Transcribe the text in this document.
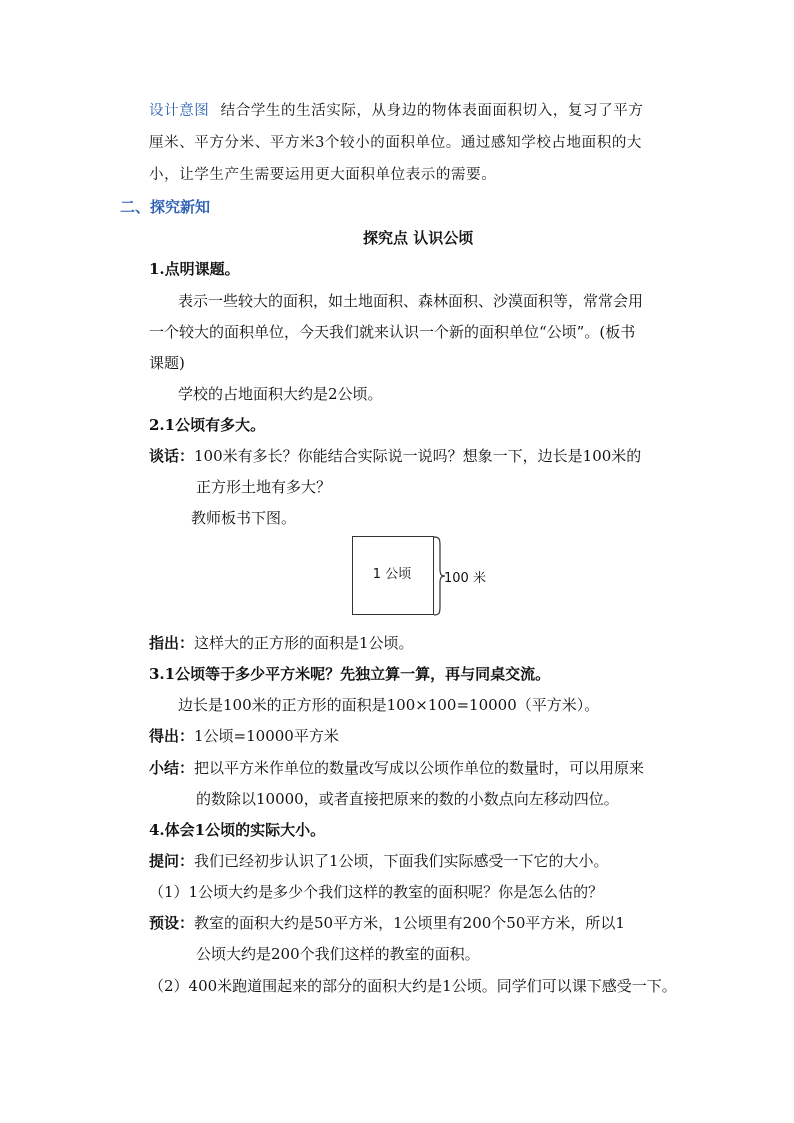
设计意图 结合学生的生活实际，从身边的物体表面面积切入，复习了平方
厘米、平方分米、平方米3个较小的面积单位。通过感知学校占地面积的大
小，让学生产生需要运用更大面积单位表示的需要。
二、探究新知
探究点 认识公顷
1.点明课题。
表示一些较大的面积，如土地面积、森林面积、沙漠面积等，常常会用
一个较大的面积单位，今天我们就来认识一个新的面积单位“公顷”。(板书
课题)
学校的占地面积大约是2公顷。
2.1公顷有多大。
谈话：100米有多长？你能结合实际说一说吗？想象一下，边长是100米的
正方形土地有多大？
教师板书下图。
1 公顷	100 米
指出：这样大的正方形的面积是1公顷。
3.1公顷等于多少平方米呢？先独立算一算，再与同桌交流。
边长是100米的正方形的面积是100×100=10000（平方米）。
得出：1公顷=10000平方米
小结：把以平方米作单位的数量改写成以公顷作单位的数量时，可以用原来
的数除以10000，或者直接把原来的数的小数点向左移动四位。
4.体会1公顷的实际大小。
提问：我们已经初步认识了1公顷，下面我们实际感受一下它的大小。
（1）1公顷大约是多少个我们这样的教室的面积呢？你是怎么估的？
预设：教室的面积大约是50平方米，1公顷里有200个50平方米，所以1
公顷大约是200个我们这样的教室的面积。
（2）400米跑道围起来的部分的面积大约是1公顷。同学们可以课下感受一下。
